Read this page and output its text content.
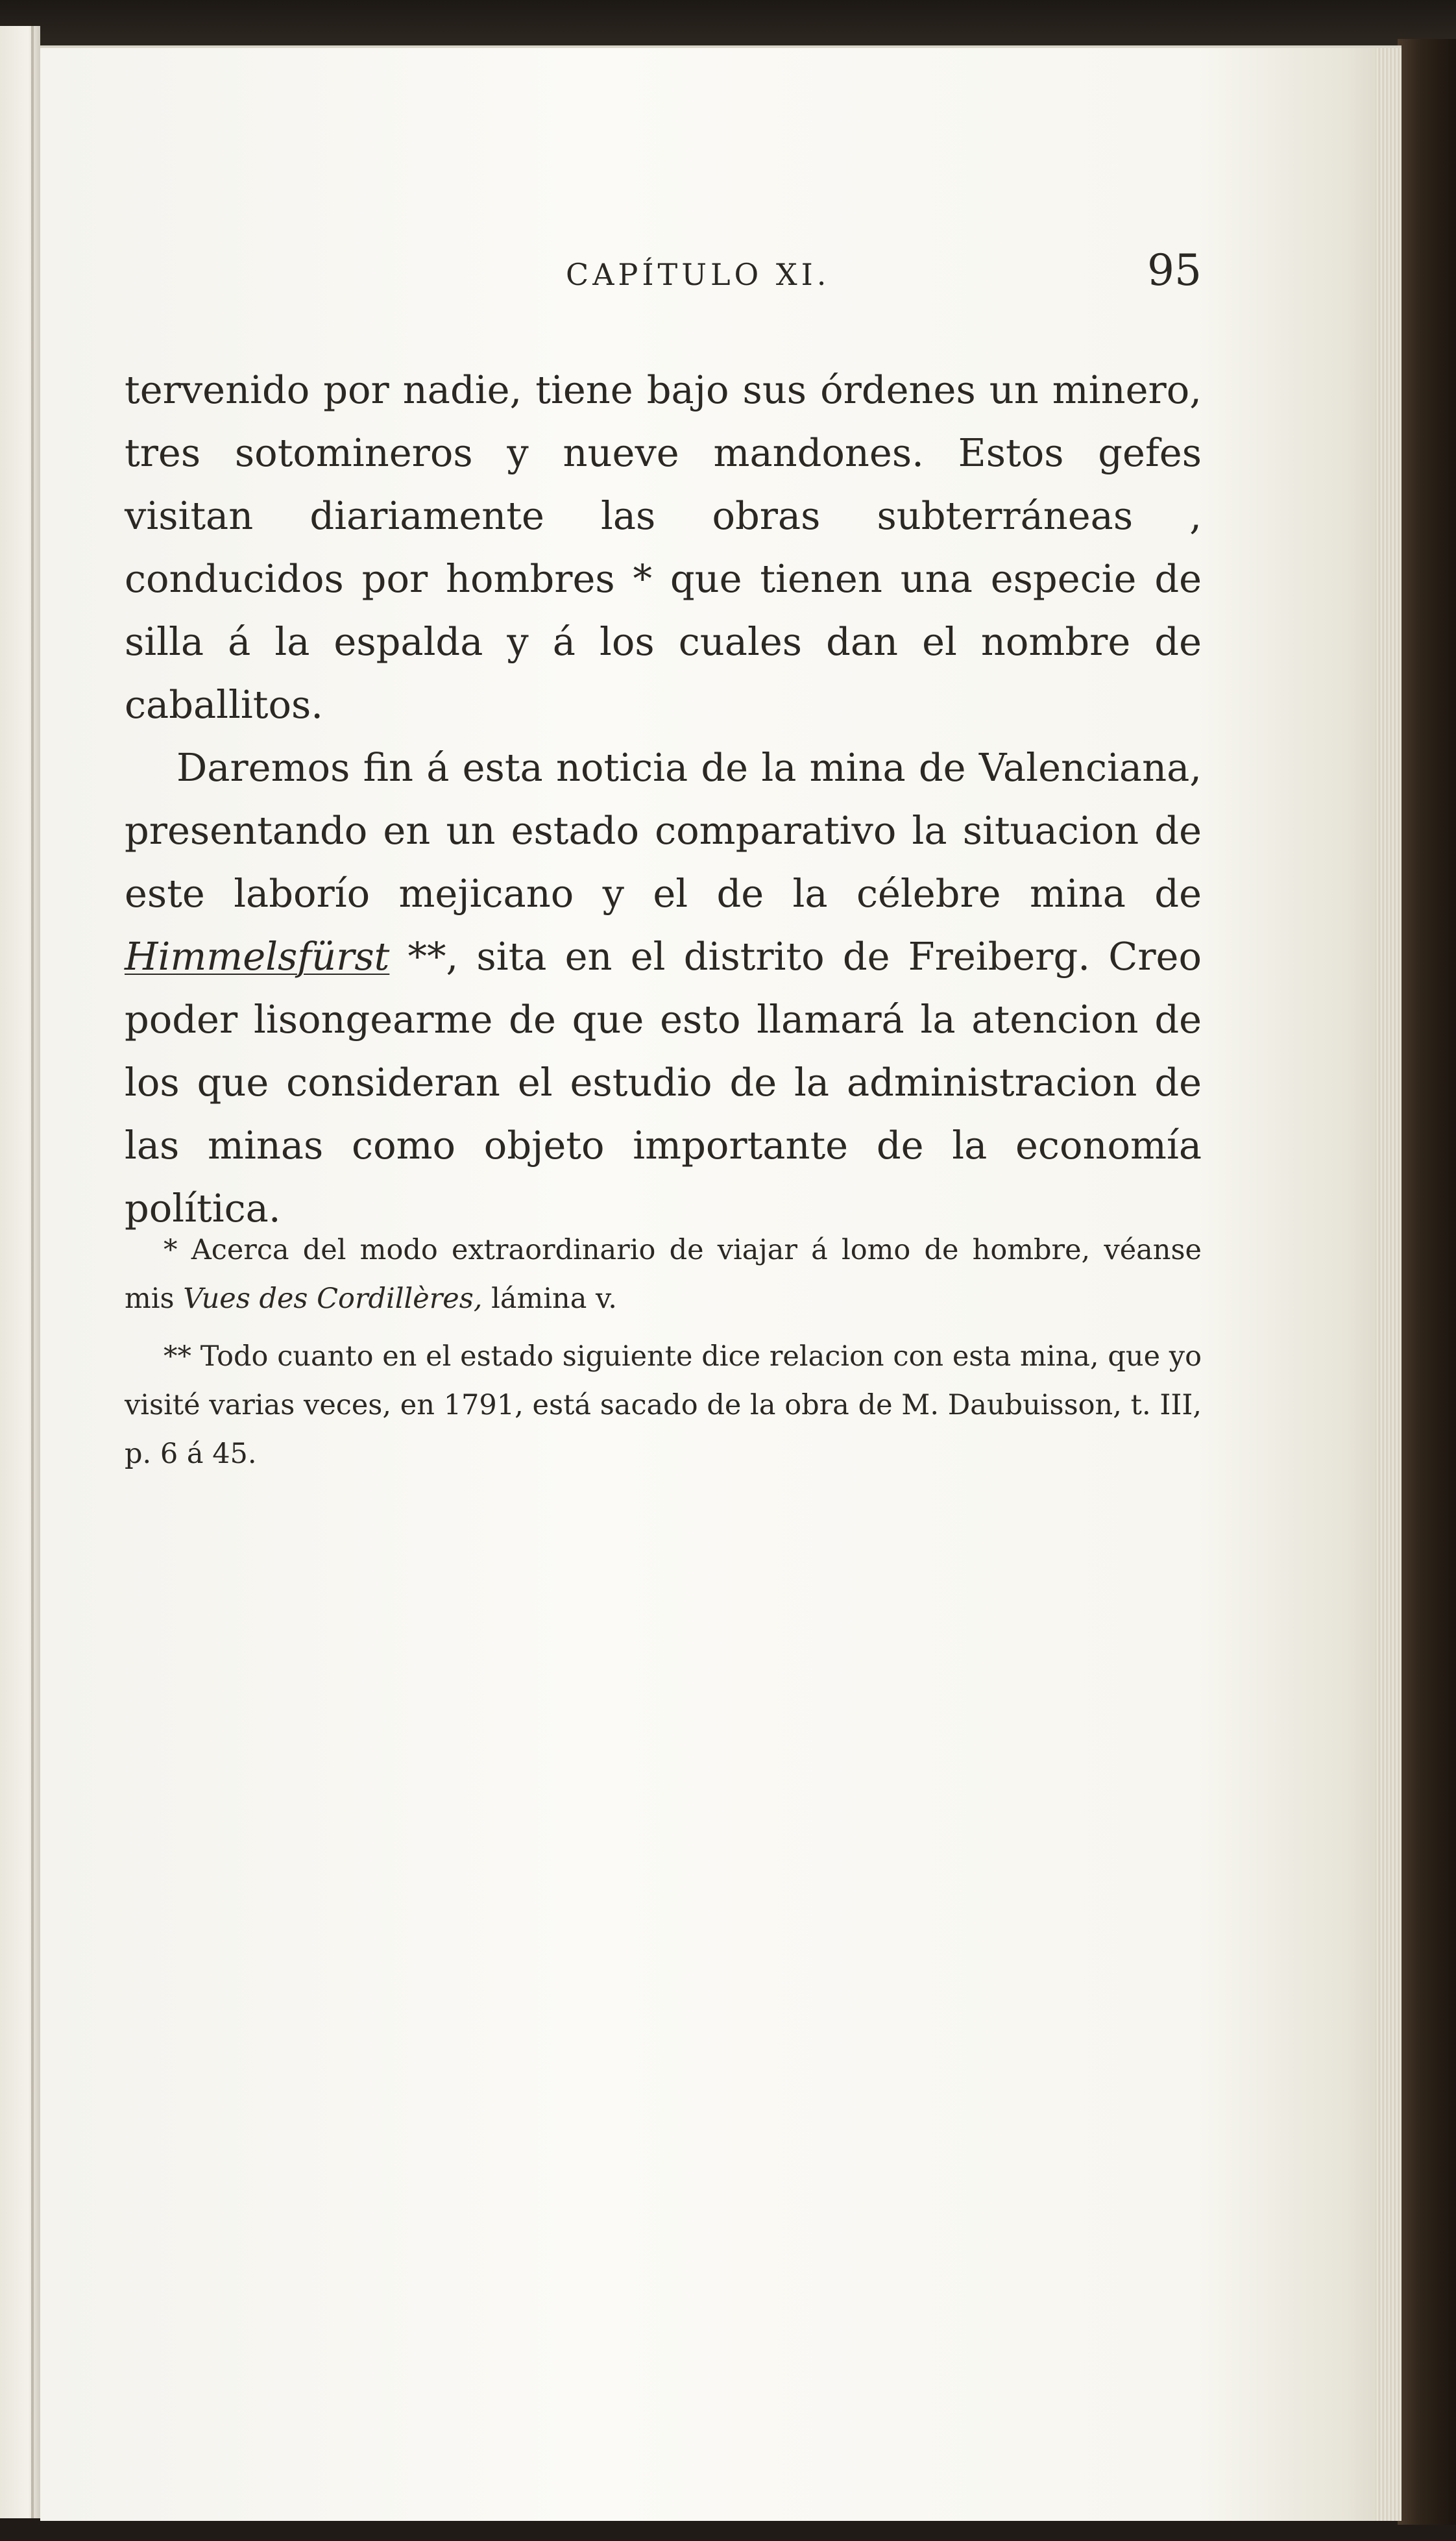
CAPÍTULO XI.	95

tervenido por nadie, tiene bajo sus órdenes un minero, tres sotomineros y nueve mandones. Estos gefes visitan diariamente las obras subterráneas , conducidos por hombres * que tienen una especie de silla á la espalda y á los cuales dan el nombre de caballitos.

Daremos fin á esta noticia de la mina de Valenciana, presentando en un estado comparativo la situacion de este laborío mejicano y el de la célebre mina de Himmelsfürst **, sita en el distrito de Freiberg. Creo poder lisongearme de que esto llamará la atencion de los que consideran el estudio de la administracion de las minas como objeto importante de la economía política.

* Acerca del modo extraordinario de viajar á lomo de hombre, véanse mis Vues des Cordillères, lámina v.

** Todo cuanto en el estado siguiente dice relacion con esta mina, que yo visité varias veces, en 1791, está sacado de la obra de M. Daubuisson, t. III, p. 6 á 45.
